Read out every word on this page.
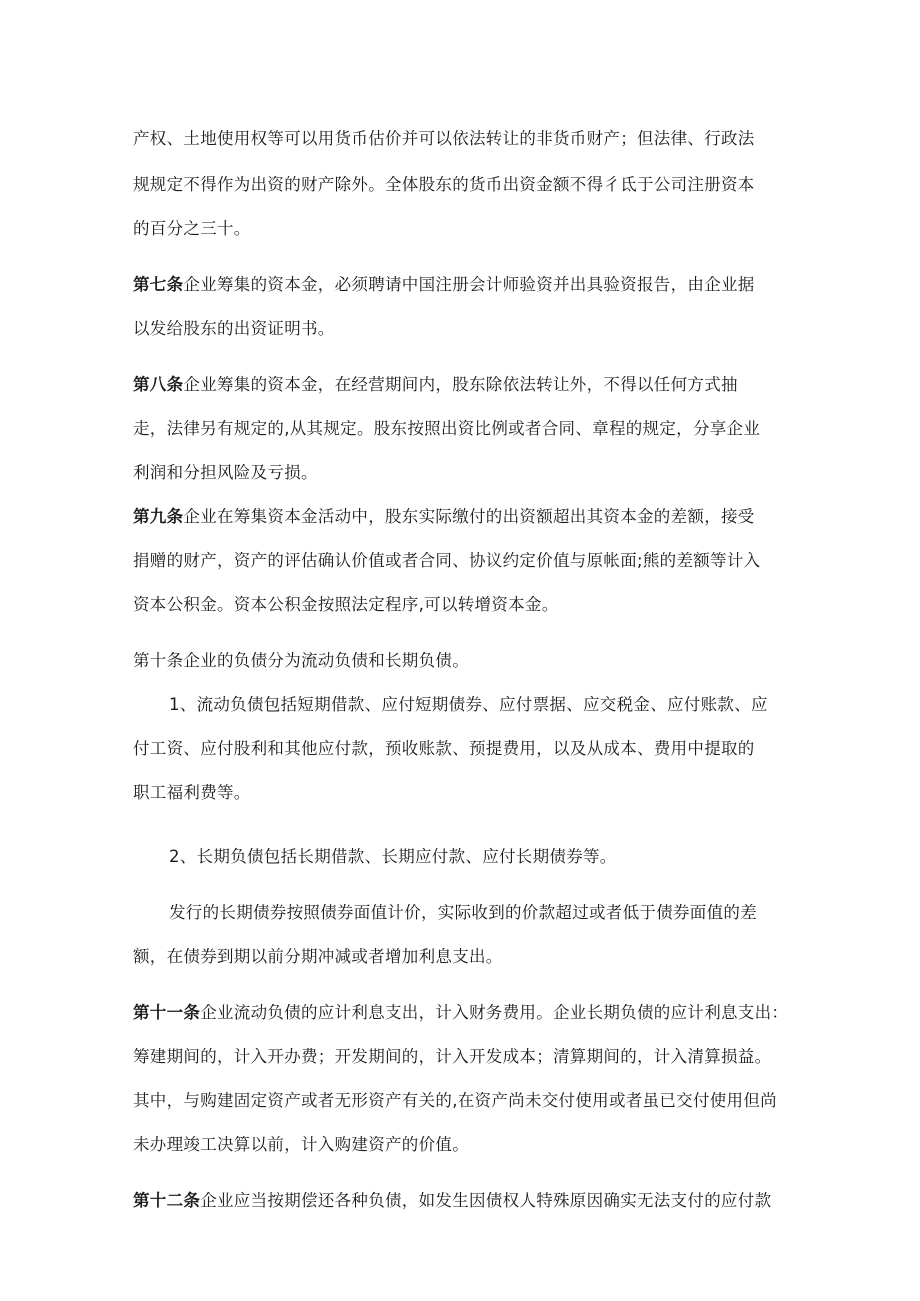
产权、土地使用权等可以用货币估价并可以依法转让的非货币财产；但法律、行政法
规规定不得作为出资的财产除外。全体股东的货币出资金额不得彳氐于公司注册资本
的百分之三十。
第七条企业筹集的资本金，必须聘请中国注册会计师验资并出具验资报告，由企业据
以发给股东的出资证明书。
第八条企业筹集的资本金，在经营期间内，股东除依法转让外，不得以任何方式抽
走，法律另有规定的,从其规定。股东按照出资比例或者合同、章程的规定，分享企业
利润和分担风险及亏损。
第九条企业在筹集资本金活动中，股东实际缴付的出资额超出其资本金的差额，接受
捐赠的财产，资产的评估确认价值或者合同、协议约定价值与原帐面;熊的差额等计入
资本公积金。资本公积金按照法定程序,可以转增资本金。
第十条企业的负债分为流动负债和长期负债。
1、流动负债包括短期借款、应付短期债券、应付票据、应交税金、应付账款、应
付工资、应付股利和其他应付款，预收账款、预提费用，以及从成本、费用中提取的
职工福利费等。
2、长期负债包括长期借款、长期应付款、应付长期债券等。
发行的长期债券按照债券面值计价，实际收到的价款超过或者低于债券面值的差
额，在债券到期以前分期冲减或者增加利息支出。
第十一条企业流动负债的应计利息支出，计入财务费用。企业长期负债的应计利息支出：
筹建期间的，计入开办费；开发期间的，计入开发成本；清算期间的，计入清算损益。
其中，与购建固定资产或者无形资产有关的,在资产尚未交付使用或者虽已交付使用但尚
未办理竣工决算以前，计入购建资产的价值。
第十二条企业应当按期偿还各种负债，如发生因债权人特殊原因确实无法支付的应付款
